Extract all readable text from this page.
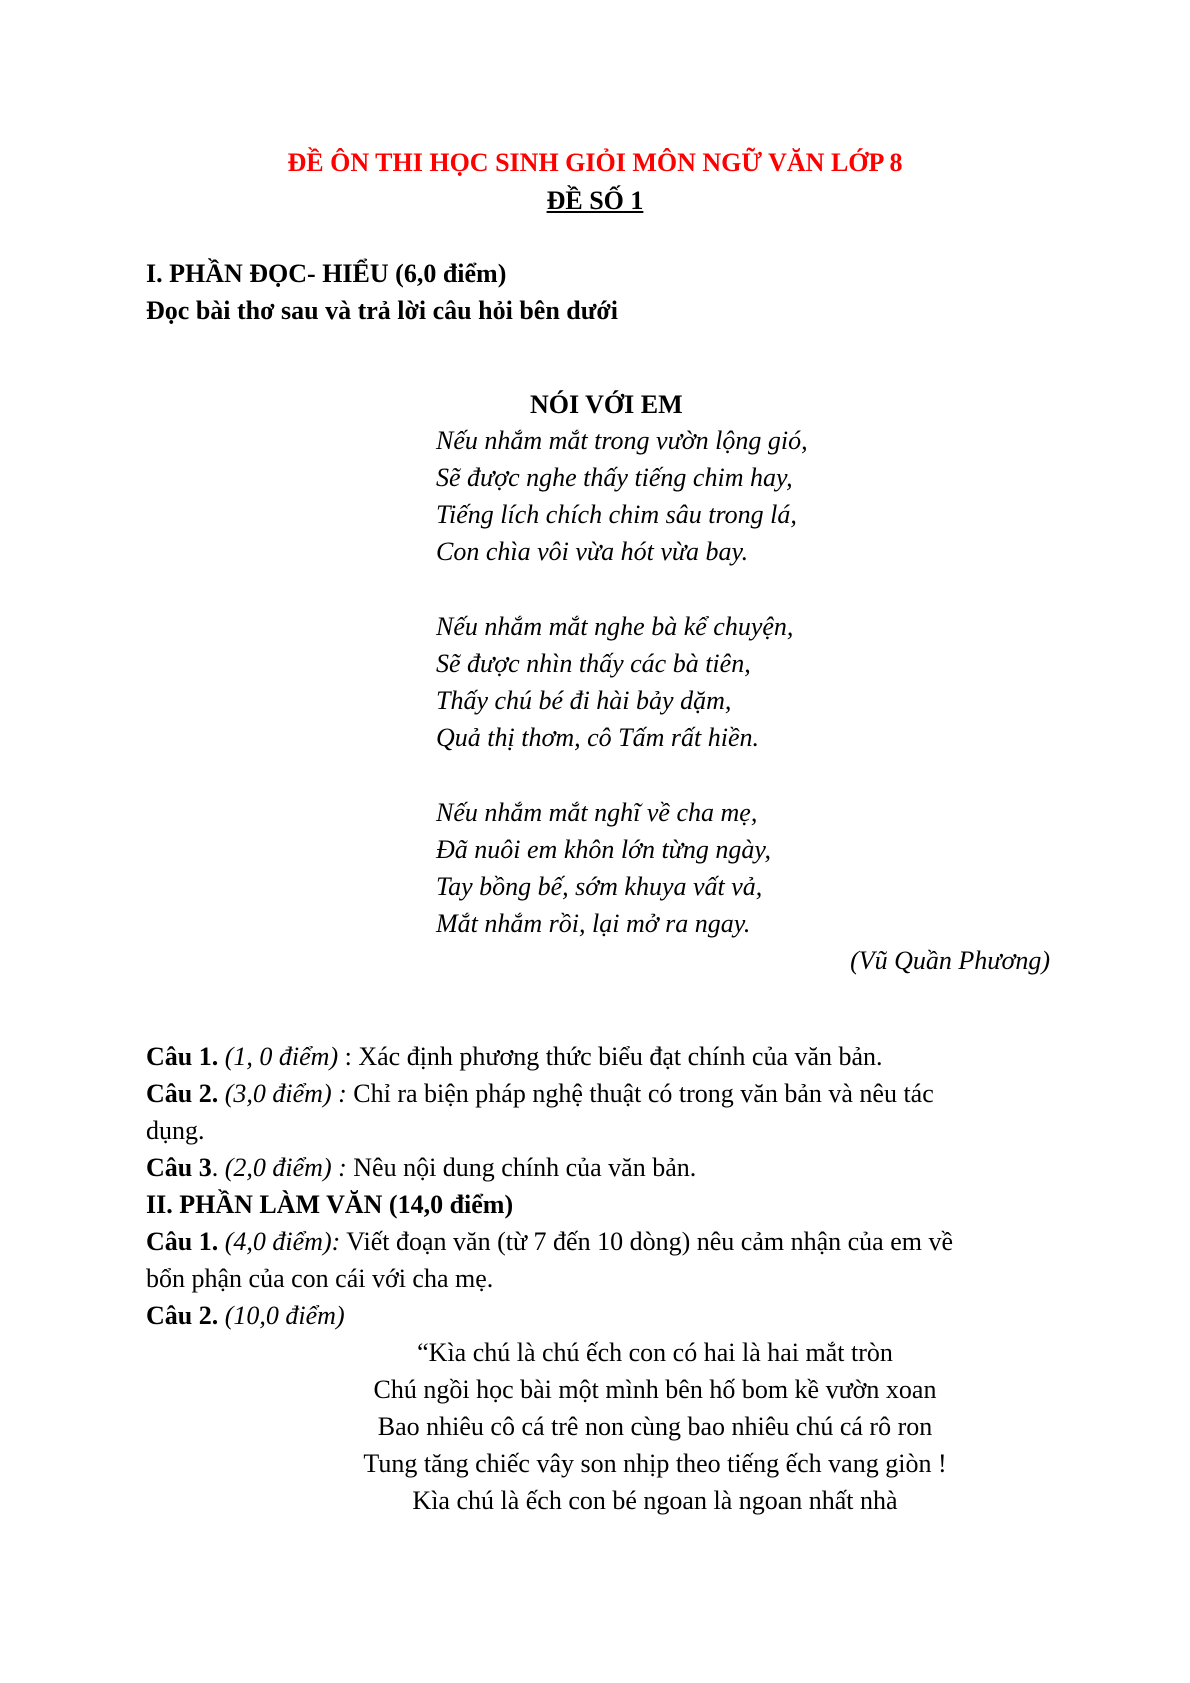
ĐỀ ÔN THI HỌC SINH GIỎI MÔN NGỮ VĂN LỚP 8
ĐỀ SỐ 1
I. PHẦN ĐỌC- HIỂU (6,0 điểm)
Đọc bài thơ sau và trả lời câu hỏi bên dưới
NÓI VỚI EM
Nếu nhắm mắt trong vườn lộng gió,
Sẽ được nghe thấy tiếng chim hay,
Tiếng lích chích chim sâu trong lá,
Con chìa vôi vừa hót vừa bay.
Nếu nhắm mắt nghe bà kể chuyện,
Sẽ được nhìn thấy các bà tiên,
Thấy chú bé đi hài bảy dặm,
Quả thị thơm, cô Tấm rất hiền.
Nếu nhắm mắt nghĩ về cha mẹ,
Đã nuôi em khôn lớn từng ngày,
Tay bồng bế, sớm khuya vất vả,
Mắt nhắm rồi, lại mở ra ngay.
(Vũ Quần Phương)
Câu 1. (1, 0 điểm) : Xác định phương thức biểu đạt chính của văn bản.
Câu 2. (3,0 điểm) : Chỉ ra biện pháp nghệ thuật có trong văn bản và nêu tác
dụng.
Câu 3. (2,0 điểm) : Nêu nội dung chính của văn bản.
II. PHẦN LÀM VĂN (14,0 điểm)
Câu 1. (4,0 điểm): Viết đoạn văn (từ 7 đến 10 dòng) nêu cảm nhận của em về
bổn phận của con cái với cha mẹ.
Câu 2. (10,0 điểm)
“Kìa chú là chú ếch con có hai là hai mắt tròn
Chú ngồi học bài một mình bên hố bom kề vườn xoan
Bao nhiêu cô cá trê non cùng bao nhiêu chú cá rô ron
Tung tăng chiếc vây son nhịp theo tiếng ếch vang giòn !
Kìa chú là ếch con bé ngoan là ngoan nhất nhà
